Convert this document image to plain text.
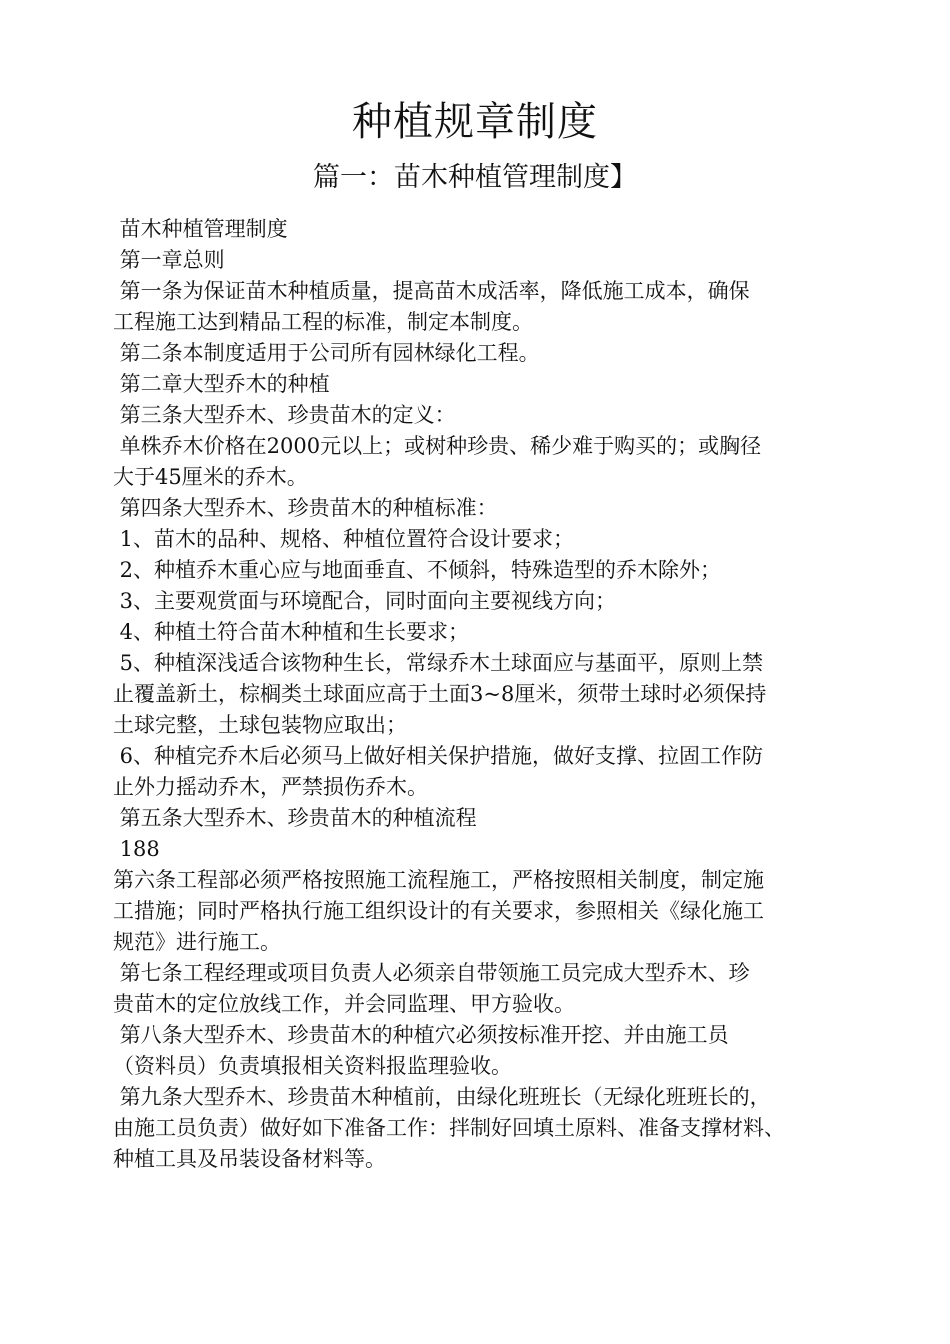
种植规章制度
篇一：苗木种植管理制度】
苗木种植管理制度
第一章总则
第一条为保证苗木种植质量，提高苗木成活率，降低施工成本，确保
工程施工达到精品工程的标准，制定本制度。
第二条本制度适用于公司所有园林绿化工程。
第二章大型乔木的种植
第三条大型乔木、珍贵苗木的定义：
单株乔木价格在2000元以上；或树种珍贵、稀少难于购买的；或胸径
大于45厘米的乔木。
第四条大型乔木、珍贵苗木的种植标准：
1、苗木的品种、规格、种植位置符合设计要求；
2、种植乔木重心应与地面垂直、不倾斜，特殊造型的乔木除外；
3、主要观赏面与环境配合，同时面向主要视线方向；
4、种植土符合苗木种植和生长要求；
5、种植深浅适合该物种生长，常绿乔木土球面应与基面平，原则上禁
止覆盖新土，棕榈类土球面应高于土面3~8厘米，须带土球时必须保持
土球完整，土球包装物应取出；
6、种植完乔木后必须马上做好相关保护措施，做好支撑、拉固工作防
止外力摇动乔木，严禁损伤乔木。
第五条大型乔木、珍贵苗木的种植流程
188
第六条工程部必须严格按照施工流程施工，严格按照相关制度，制定施
工措施；同时严格执行施工组织设计的有关要求，参照相关《绿化施工
规范》进行施工。
第七条工程经理或项目负责人必须亲自带领施工员完成大型乔木、珍
贵苗木的定位放线工作，并会同监理、甲方验收。
第八条大型乔木、珍贵苗木的种植穴必须按标准开挖、并由施工员
（资料员）负责填报相关资料报监理验收。
第九条大型乔木、珍贵苗木种植前，由绿化班班长（无绿化班班长的，
由施工员负责）做好如下准备工作：拌制好回填土原料、准备支撑材料、
种植工具及吊装设备材料等。
